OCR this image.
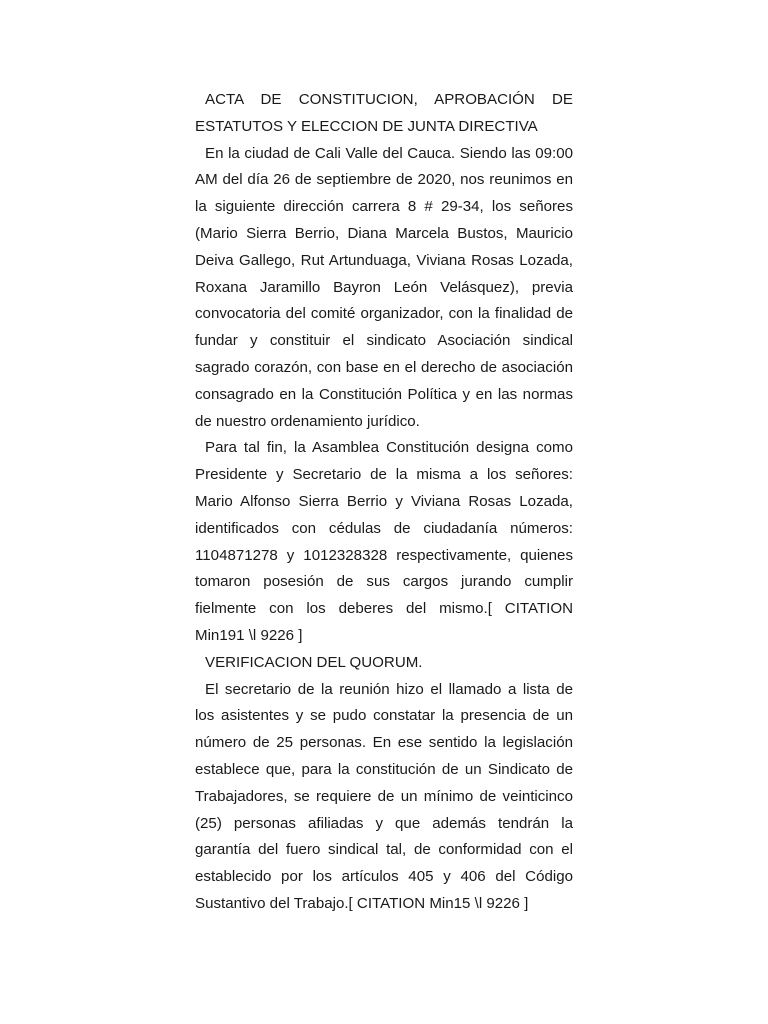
ACTA DE CONSTITUCION, APROBACIÓN DE ESTATUTOS Y ELECCION DE JUNTA DIRECTIVA

En la ciudad de Cali Valle del Cauca. Siendo las 09:00 AM del día 26 de septiembre de 2020, nos reunimos en la siguiente dirección carrera 8 # 29-34, los señores (Mario Sierra Berrio, Diana Marcela Bustos, Mauricio Deiva Gallego, Rut Artunduaga, Viviana Rosas Lozada, Roxana Jaramillo Bayron León Velásquez), previa convocatoria del comité organizador, con la finalidad de fundar y constituir el sindicato Asociación sindical sagrado corazón, con base en el derecho de asociación consagrado en la Constitución Política y en las normas de nuestro ordenamiento jurídico.

Para tal fin, la Asamblea Constitución designa como Presidente y Secretario de la misma a los señores: Mario Alfonso Sierra Berrio y Viviana Rosas Lozada, identificados con cédulas de ciudadanía números: 1104871278 y 1012328328 respectivamente, quienes tomaron posesión de sus cargos jurando cumplir fielmente con los deberes del mismo.[ CITATION Min191 \l 9226 ]

VERIFICACION DEL QUORUM.

El secretario de la reunión hizo el llamado a lista de los asistentes y se pudo constatar la presencia de un número de 25 personas. En ese sentido la legislación establece que, para la constitución de un Sindicato de Trabajadores, se requiere de un mínimo de veinticinco (25) personas afiliadas y que además tendrán la garantía del fuero sindical tal, de conformidad con el establecido por los artículos 405 y 406 del Código Sustantivo del Trabajo.[ CITATION Min15 \l 9226 ]
